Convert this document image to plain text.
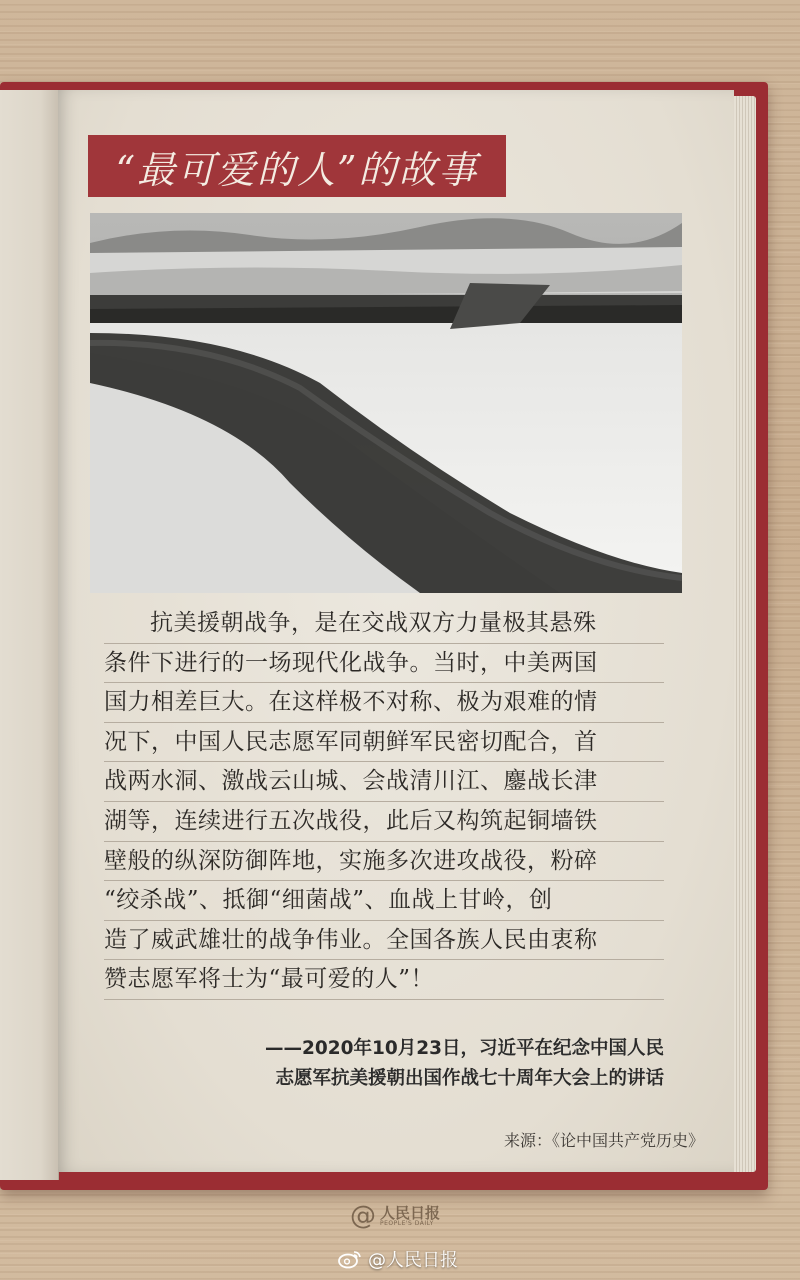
“最可爱的人”的故事
抗美援朝战争，是在交战双方力量极其悬殊
条件下进行的一场现代化战争。当时，中美两国
国力相差巨大。在这样极不对称、极为艰难的情
况下，中国人民志愿军同朝鲜军民密切配合，首
战两水洞、激战云山城、会战清川江、鏖战长津
湖等，连续进行五次战役，此后又构筑起铜墙铁
壁般的纵深防御阵地，实施多次进攻战役，粉碎
“绞杀战”、抵御“细菌战”、血战上甘岭，创
造了威武雄壮的战争伟业。全国各族人民由衷称
赞志愿军将士为“最可爱的人”！
——2020年10月23日，习近平在纪念中国人民
志愿军抗美援朝出国作战七十周年大会上的讲话
来源：《论中国共产党历史》
@ 人民日报
PEOPLE'S DAILY
@人民日报
